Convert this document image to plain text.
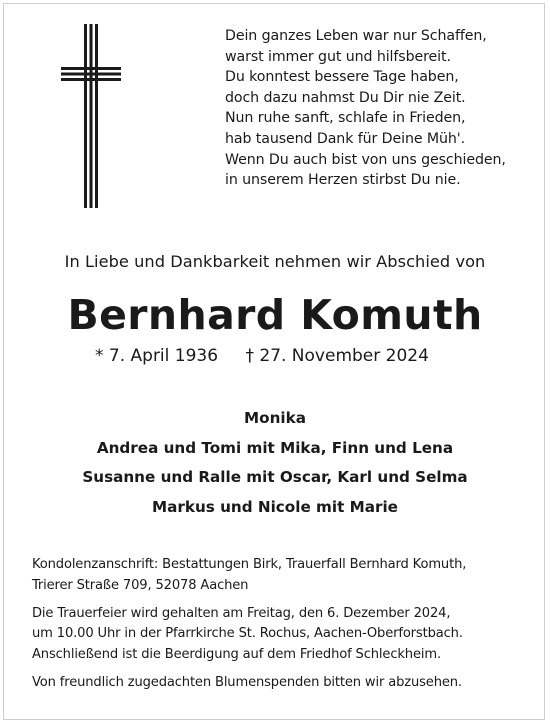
Dein ganzes Leben war nur Schaffen,
warst immer gut und hilfsbereit.
Du konntest bessere Tage haben,
doch dazu nahmst Du Dir nie Zeit.
Nun ruhe sanft, schlafe in Frieden,
hab tausend Dank für Deine Müh'.
Wenn Du auch bist von uns geschieden,
in unserem Herzen stirbst Du nie.
In Liebe und Dankbarkeit nehmen wir Abschied von
Bernhard Komuth
* 7. April 1936 † 27. November 2024
Monika
Andrea und Tomi mit Mika, Finn und Lena
Susanne und Ralle mit Oscar, Karl und Selma
Markus und Nicole mit Marie

Kondolenzanschrift: Bestattungen Birk, Trauerfall Bernhard Komuth,

Trierer Straße 709, 52078 Aachen

Die Trauerfeier wird gehalten am Freitag, den 6. Dezember 2024,

um 10.00 Uhr in der Pfarrkirche St. Rochus, Aachen-Oberforstbach.

Anschließend ist die Beerdigung auf dem Friedhof Schleckheim.

Von freundlich zugedachten Blumenspenden bitten wir abzusehen.
